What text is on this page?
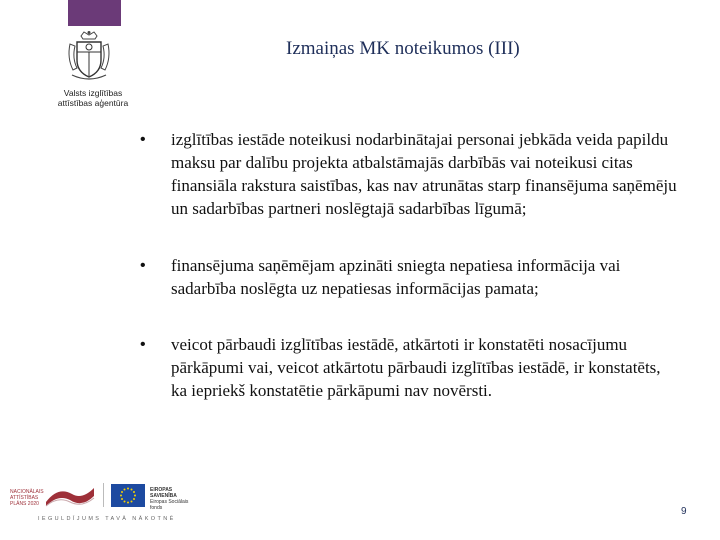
Valsts izglītības
attīstības aģentūra
Izmaiņas MK noteikumos (III)
• izglītības iestāde noteikusi nodarbinātajai personai jebkāda veida papildu maksu par dalību projekta atbalstāmajās darbībās vai noteikusi citas finansiāla rakstura saistības, kas nav atrunātas starp finansējuma saņēmēju un sadarbības partneri noslēgtajā sadarbības līgumā;
• finansējuma saņēmējam apzināti sniegta nepatiesa informācija vai sadarbība noslēgta uz nepatiesas informācijas pamata;
• veicot pārbaudi izglītības iestādē, atkārtoti ir konstatēti nosacījumu pārkāpumi vai, veicot atkārtotu pārbaudi izglītības iestādē, ir konstatēts, ka iepriekš konstatētie pārkāpumi nav novērsti.
NACIONĀLAIS
ATTĪSTĪBAS
PLĀNS 2020
EIROPAS SAVIENĪBA
Eiropas Sociālais
fonds
IEGULDĪJUMS TAVĀ NĀKOTNĒ
9
